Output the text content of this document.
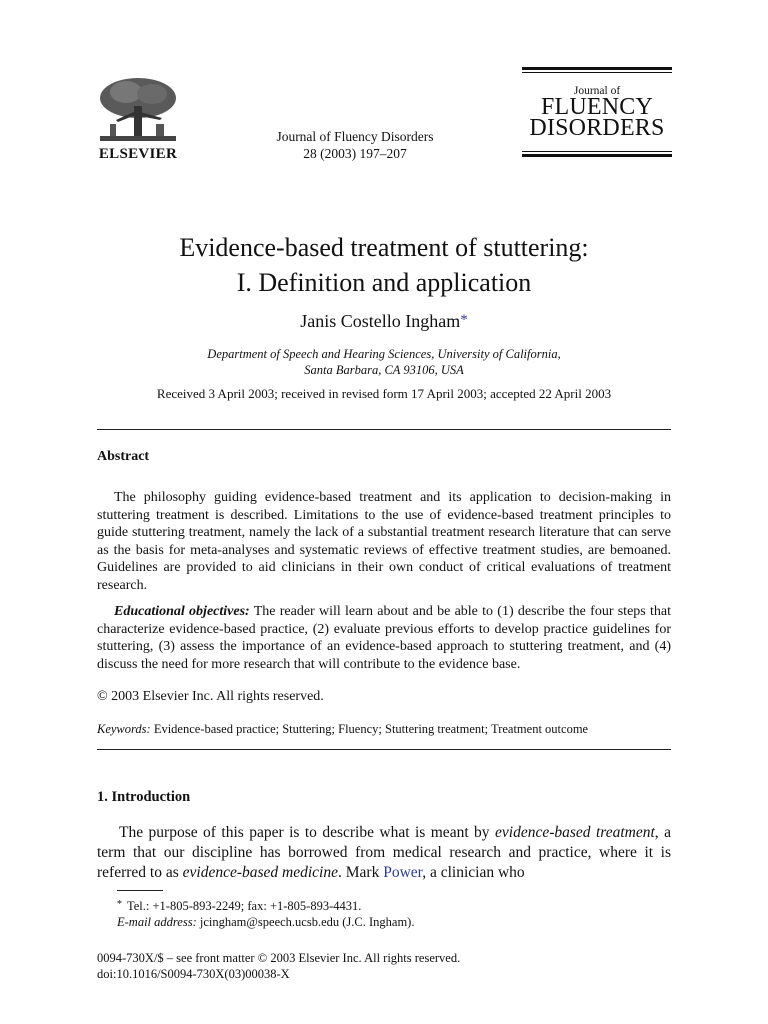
ELSEVIER
Journal of Fluency Disorders
28 (2003) 197–207
Journal of
FLUENCY
DISORDERS
Evidence-based treatment of stuttering:
I. Definition and application
Janis Costello Ingham*
Department of Speech and Hearing Sciences, University of California,
Santa Barbara, CA 93106, USA
Received 3 April 2003; received in revised form 17 April 2003; accepted 22 April 2003
Abstract

The philosophy guiding evidence-based treatment and its application to decision-making in stuttering treatment is described. Limitations to the use of evidence-based treatment principles to guide stuttering treatment, namely the lack of a substantial treatment research literature that can serve as the basis for meta-analyses and systematic reviews of effective treatment studies, are bemoaned. Guidelines are provided to aid clinicians in their own conduct of critical evaluations of treatment research.

Educational objectives: The reader will learn about and be able to (1) describe the four steps that characterize evidence-based practice, (2) evaluate previous efforts to develop practice guidelines for stuttering, (3) assess the importance of an evidence-based approach to stuttering treatment, and (4) discuss the need for more research that will contribute to the evidence base.

© 2003 Elsevier Inc. All rights reserved.
Keywords: Evidence-based practice; Stuttering; Fluency; Stuttering treatment; Treatment outcome
1. Introduction

The purpose of this paper is to describe what is meant by evidence-based treatment, a term that our discipline has borrowed from medical research and practice, where it is referred to as evidence-based medicine. Mark Power, a clinician who

* Tel.: +1-805-893-2249; fax: +1-805-893-4431.
E-mail address: jcingham@speech.ucsb.edu (J.C. Ingham).
0094-730X/$ – see front matter © 2003 Elsevier Inc. All rights reserved.
doi:10.1016/S0094-730X(03)00038-X
